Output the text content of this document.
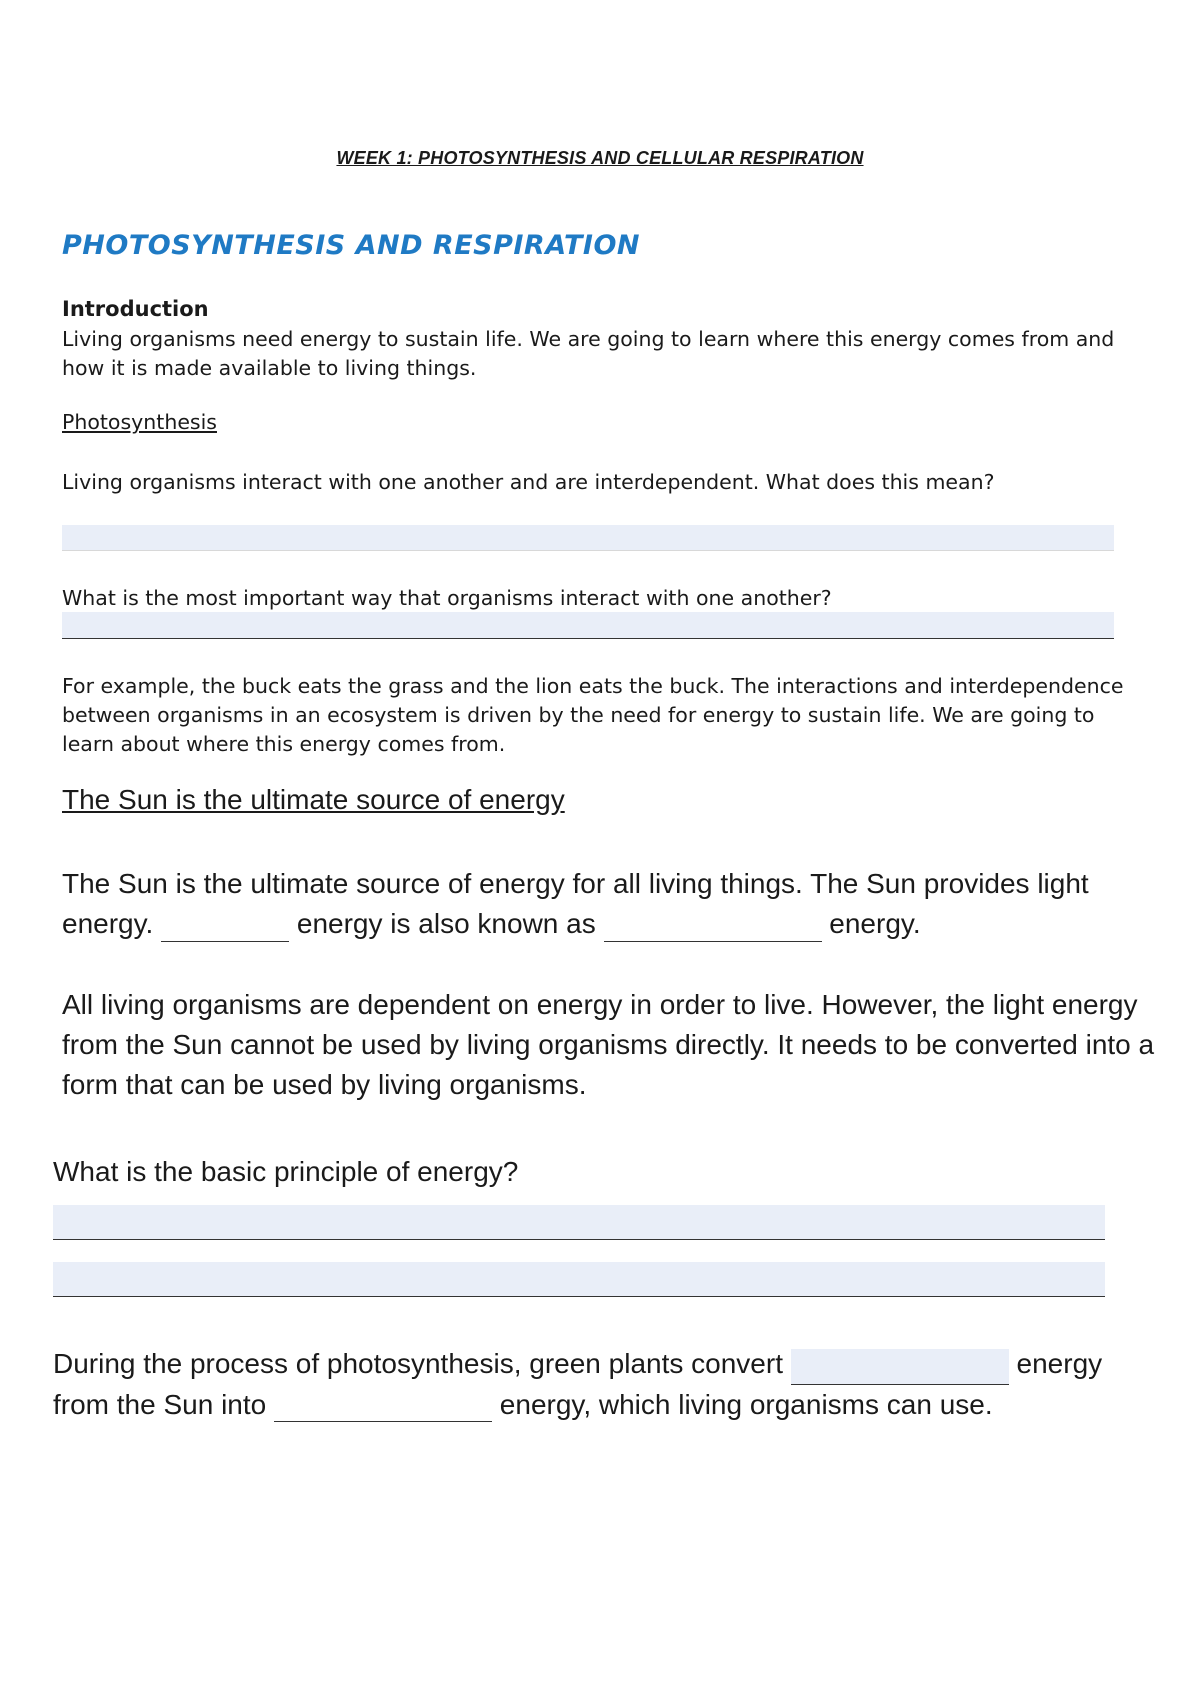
WEEK 1: PHOTOSYNTHESIS AND CELLULAR RESPIRATION
PHOTOSYNTHESIS AND RESPIRATION
Introduction
Living organisms need energy to sustain life. We are going to learn where this energy comes from and how it is made available to living things.
Photosynthesis
Living organisms interact with one another and are interdependent. What does this mean?
What is the most important way that organisms interact with one another?
For example, the buck eats the grass and the lion eats the buck. The interactions and interdependence between organisms in an ecosystem is driven by the need for energy to sustain life. We are going to learn about where this energy comes from.
The Sun is the ultimate source of energy
The Sun is the ultimate source of energy for all living things. The Sun provides light energy.	energy is also known as	energy.
All living organisms are dependent on energy in order to live. However, the light energy from the Sun cannot be used by living organisms directly. It needs to be converted into a form that can be used by living organisms.
What is the basic principle of energy?
During the process of photosynthesis, green plants convert	energy from the Sun into	energy, which living organisms can use.
